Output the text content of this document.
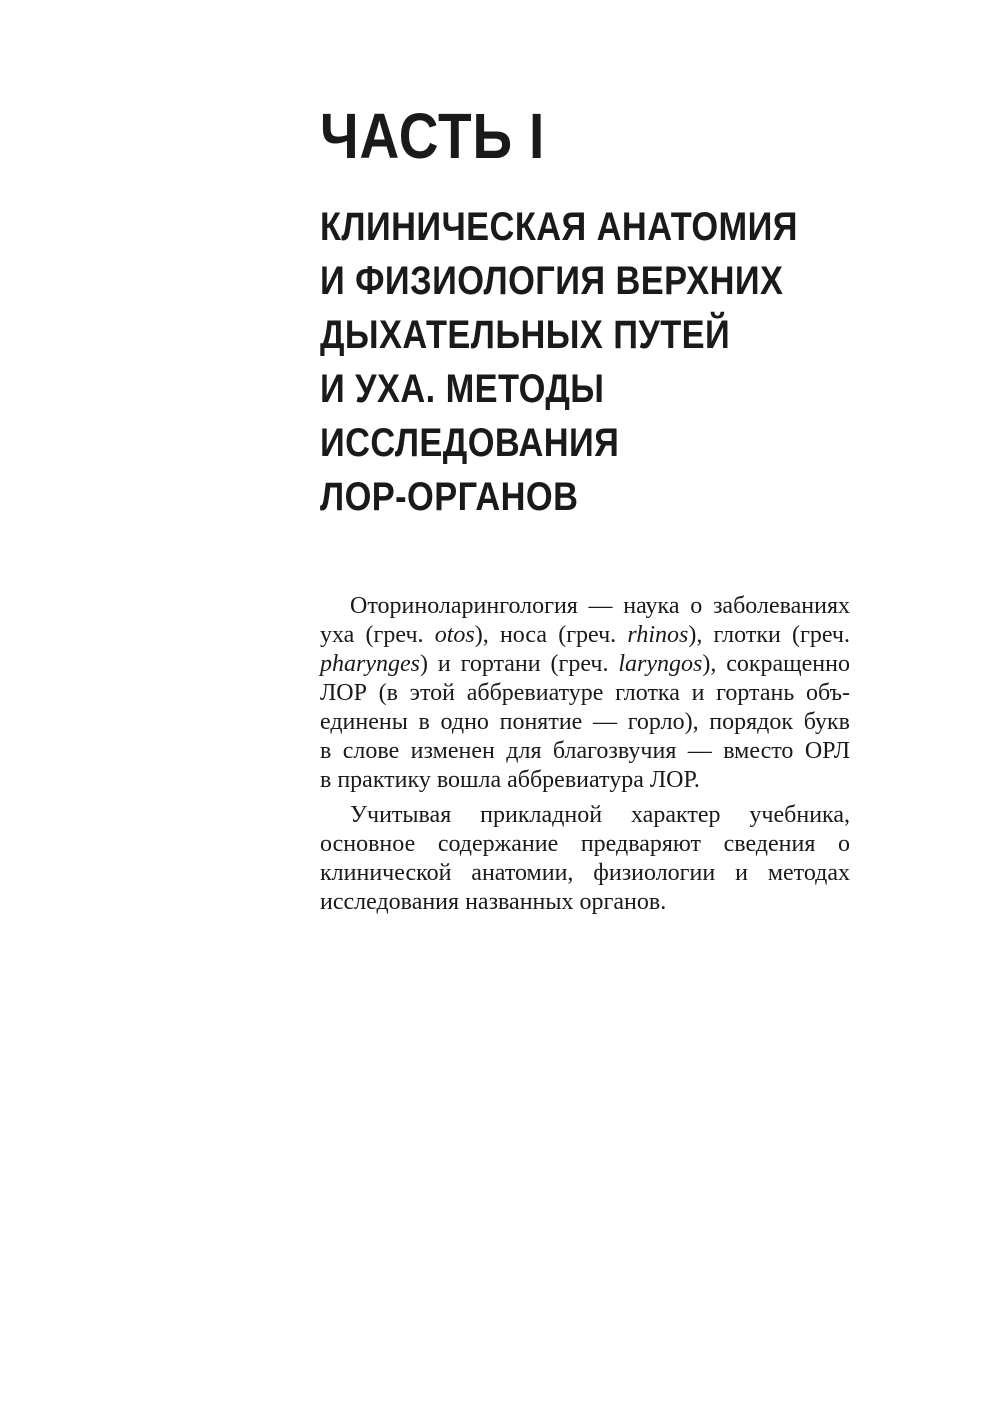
ЧАСТЬ I
КЛИНИЧЕСКАЯ АНАТОМИЯ
И ФИЗИОЛОГИЯ ВЕРХНИХ
ДЫХАТЕЛЬНЫХ ПУТЕЙ
И УХА. МЕТОДЫ
ИССЛЕДОВАНИЯ
ЛОР-ОРГАНОВ

Оториноларингология — наука о заболеваниях
уха (греч. otos), носа (греч. rhinos), глотки (греч.
pharynges) и гортани (греч. laryngos), сокращенно
ЛОР (в этой аббревиатуре глотка и гортань объ-
единены в одно понятие — горло), порядок букв
в слове изменен для благозвучия — вместо ОРЛ
в практику вошла аббревиатура ЛОР.

Учитывая прикладной характер учебника,
основное содержание предваряют сведения о
клинической анатомии, физиологии и методах
исследования названных органов.
